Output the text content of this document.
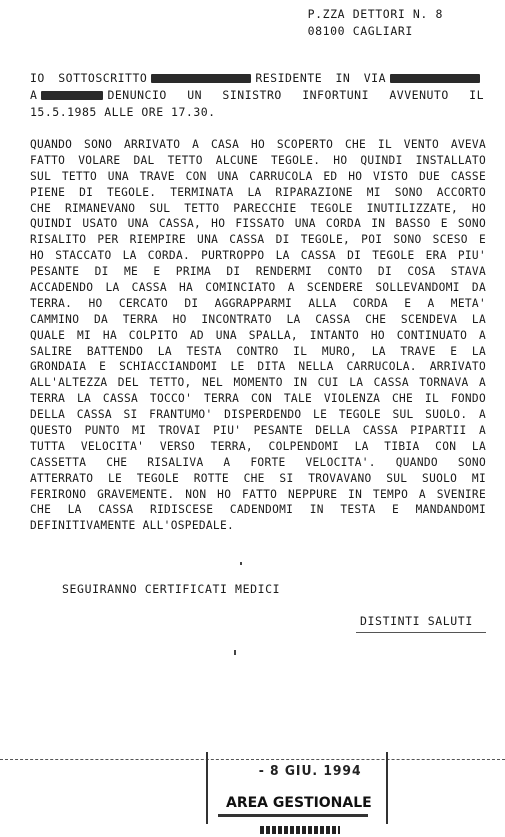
P.ZZA DETTORI N. 8
08100 CAGLIARI
IO SOTTOSCRITTO	RESIDENTE IN VIA
A	DENUNCIO UN SINISTRO INFORTUNI AVVENUTO IL
15.5.1985 ALLE ORE 17.30.
QUANDO SONO ARRIVATO A CASA HO SCOPERTO CHE IL VENTO AVEVA
FATTO VOLARE DAL TETTO ALCUNE TEGOLE. HO QUINDI INSTALLATO
SUL TETTO UNA TRAVE CON UNA CARRUCOLA ED HO VISTO DUE CASSE
PIENE DI TEGOLE. TERMINATA LA RIPARAZIONE MI SONO ACCORTO
CHE RIMANEVANO SUL TETTO PARECCHIE TEGOLE INUTILIZZATE, HO
QUINDI USATO UNA CASSA, HO FISSATO UNA CORDA IN BASSO E SONO
RISALITO PER RIEMPIRE UNA CASSA DI TEGOLE, POI SONO SCESO E
HO STACCATO LA CORDA. PURTROPPO LA CASSA DI TEGOLE ERA PIU'
PESANTE DI ME E PRIMA DI RENDERMI CONTO DI COSA STAVA
ACCADENDO LA CASSA HA COMINCIATO A SCENDERE SOLLEVANDOMI DA
TERRA. HO CERCATO DI AGGRAPPARMI ALLA CORDA E A META'
CAMMINO DA TERRA HO INCONTRATO LA CASSA CHE SCENDEVA LA
QUALE MI HA COLPITO AD UNA SPALLA, INTANTO HO CONTINUATO A
SALIRE BATTENDO LA TESTA CONTRO IL MURO, LA TRAVE E LA
GRONDAIA E SCHIACCIANDOMI LE DITA NELLA CARRUCOLA. ARRIVATO
ALL'ALTEZZA DEL TETTO, NEL MOMENTO IN CUI LA CASSA TORNAVA A
TERRA LA CASSA TOCCO' TERRA CON TALE VIOLENZA CHE IL FONDO
DELLA CASSA SI FRANTUMO' DISPERDENDO LE TEGOLE SUL SUOLO. A
QUESTO PUNTO MI TROVAI PIU' PESANTE DELLA CASSA PIPARTII A
TUTTA VELOCITA' VERSO TERRA, COLPENDOMI LA TIBIA CON LA
CASSETTA CHE RISALIVA A FORTE VELOCITA'. QUANDO SONO
ATTERRATO LE TEGOLE ROTTE CHE SI TROVAVANO SUL SUOLO MI
FERIRONO GRAVEMENTE. NON HO FATTO NEPPURE IN TEMPO A SVENIRE
CHE LA CASSA RIDISCESE CADENDOMI IN TESTA E MANDANDOMI
DEFINITIVAMENTE ALL'OSPEDALE.
SEGUIRANNO CERTIFICATI MEDICI
DISTINTI SALUTI
- 8 GIU. 1994
AREA GESTIONALE
